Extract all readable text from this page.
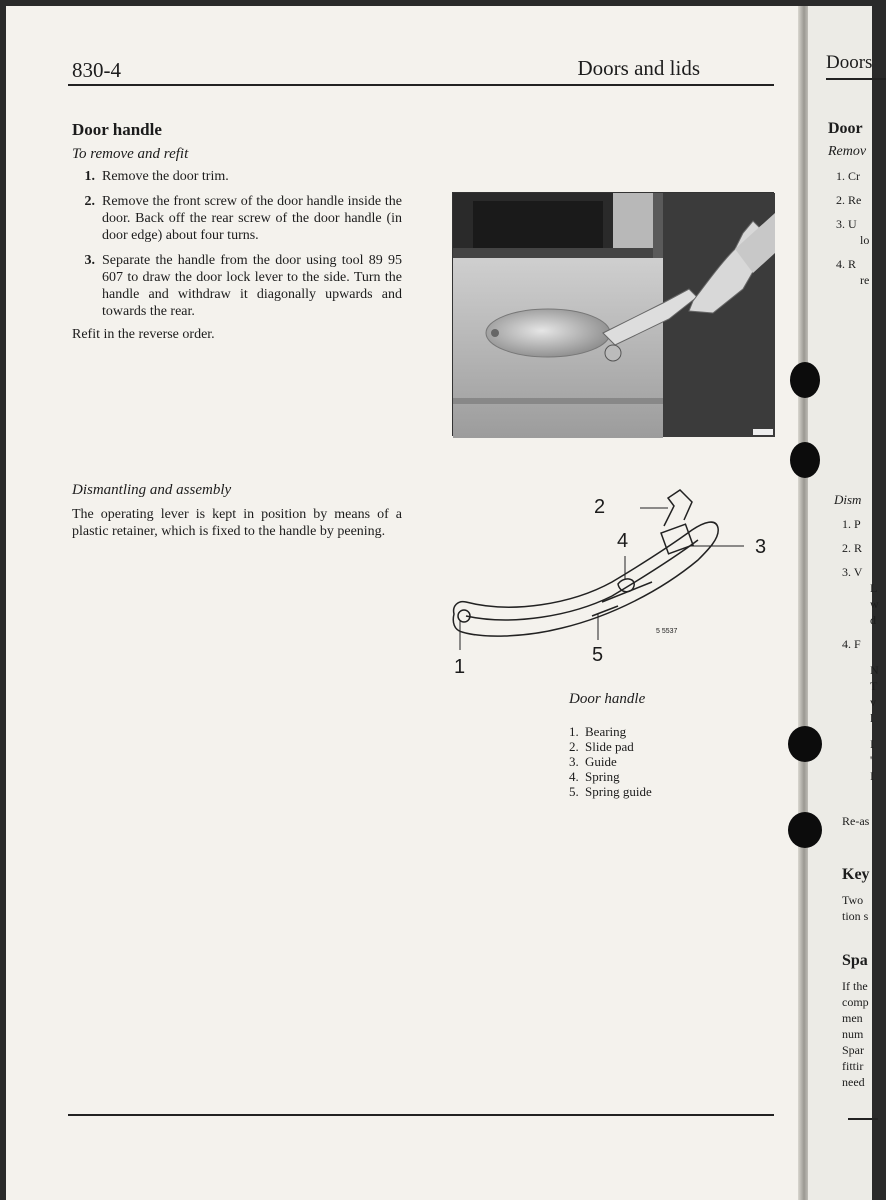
830-4	Doors and lids
Door handle
To remove and refit
1. Remove the door trim.
2. Remove the front screw of the door handle inside the door. Back off the rear screw of the door handle (in door edge) about four turns.
3. Separate the handle from the door using tool 89 95 607 to draw the door lock lever to the side. Turn the handle and withdraw it diagonally upwards and towards the rear.
Refit in the reverse order.
Dismantling and assembly
The operating lever is kept in position by means of a plastic retainer, which is fixed to the handle by peening.
2
3
4
1
5
5 5537
Door handle
1. Bearing
2. Slide pad
3. Guide
4. Spring
5. Spring guide
Doors
Door
Remov
1. Cr
2. Re
3. U
lo
4. R
re
Dism
1. P
2. R
3. V
L
w
d
4. F
N
T
v
l
I
'
I
Re-as
Key
Two
tion s
Spa
If the
comp
men
num
Spar
fittir
need
